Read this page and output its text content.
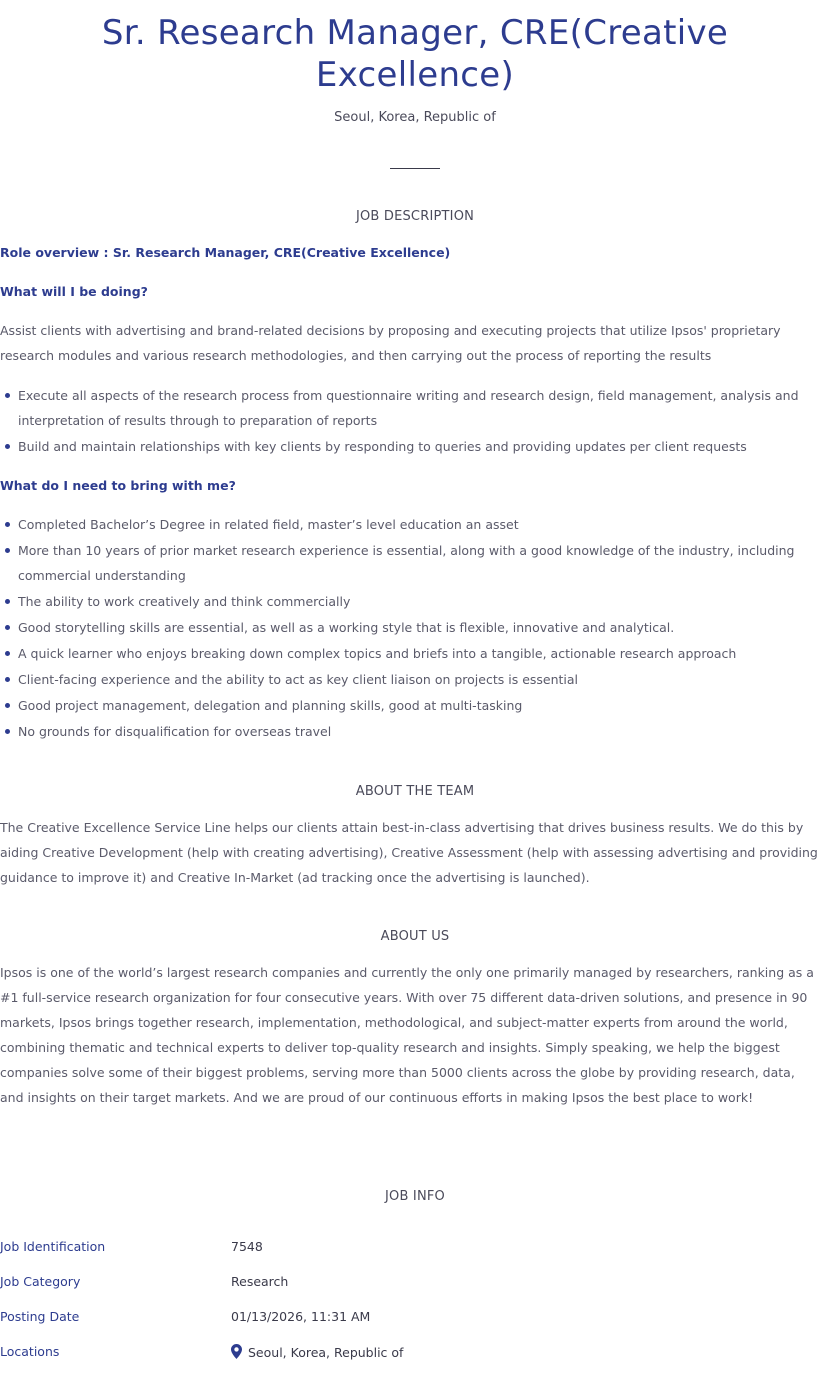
Sr. Research Manager, CRE(Creative Excellence)
Seoul, Korea, Republic of
JOB DESCRIPTION
Role overview : Sr. Research Manager, CRE(Creative Excellence)
What will I be doing?
Assist clients with advertising and brand-related decisions by proposing and executing projects that utilize Ipsos' proprietary research modules and various research methodologies, and then carrying out the process of reporting the results
Execute all aspects of the research process from questionnaire writing and research design, field management, analysis and interpretation of results through to preparation of reports
Build and maintain relationships with key clients by responding to queries and providing updates per client requests
What do I need to bring with me?
Completed Bachelor’s Degree in related field, master’s level education an asset
More than 10 years of prior market research experience is essential, along with a good knowledge of the industry, including commercial understanding
The ability to work creatively and think commercially
Good storytelling skills are essential, as well as a working style that is flexible, innovative and analytical.
A quick learner who enjoys breaking down complex topics and briefs into a tangible, actionable research approach
Client-facing experience and the ability to act as key client liaison on projects is essential
Good project management, delegation and planning skills, good at multi-tasking
No grounds for disqualification for overseas travel
ABOUT THE TEAM
The Creative Excellence Service Line helps our clients attain best-in-class advertising that drives business results. We do this by aiding Creative Development (help with creating advertising), Creative Assessment (help with assessing advertising and providing guidance to improve it) and Creative In-Market (ad tracking once the advertising is launched).
ABOUT US
Ipsos is one of the world’s largest research companies and currently the only one primarily managed by researchers, ranking as a #1 full-service research organization for four consecutive years. With over 75 different data-driven solutions, and presence in 90 markets, Ipsos brings together research, implementation, methodological, and subject-matter experts from around the world, combining thematic and technical experts to deliver top-quality research and insights. Simply speaking, we help the biggest companies solve some of their biggest problems, serving more than 5000 clients across the globe by providing research, data, and insights on their target markets. And we are proud of our continuous efforts in making Ipsos the best place to work!
JOB INFO
Job Identification	7548
Job Category	Research
Posting Date	01/13/2026, 11:31 AM
Locations	Seoul, Korea, Republic of
